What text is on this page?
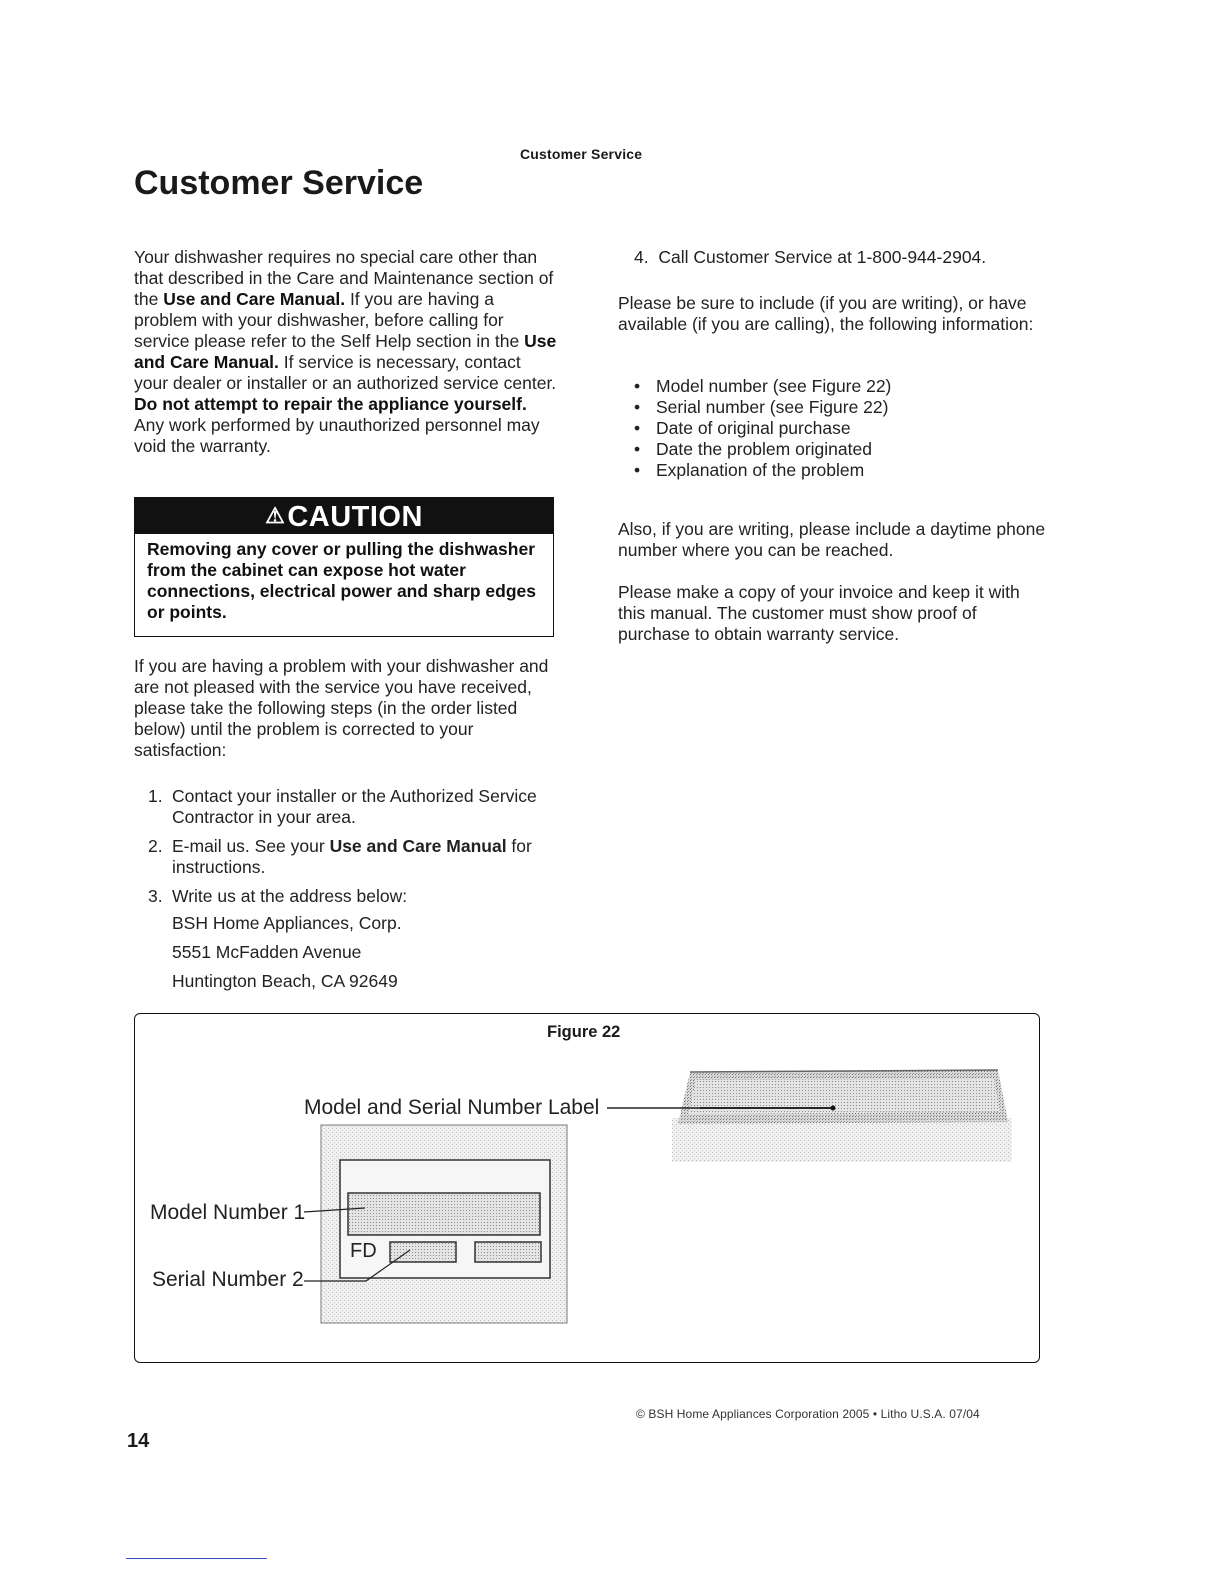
Customer Service
Customer Service
Your dishwasher requires no special care other than that described in the Care and Maintenance section of the Use and Care Manual. If you are having a problem with your dishwasher, before calling for service please refer to the Self Help section in the Use and Care Manual. If service is necessary, contact your dealer or installer or an authorized service center. Do not attempt to repair the appliance yourself. Any work performed by unauthorized personnel may void the warranty.
⚠CAUTION
Removing any cover or pulling the dishwasher from the cabinet can expose hot water connections, electrical power and sharp edges or points.
If you are having a problem with your dishwasher and are not pleased with the service you have received, please take the following steps (in the order listed below) until the problem is corrected to your satisfaction:
1. Contact your installer or the Authorized Service Contractor in your area.
2. E-mail us. See your Use and Care Manual for instructions.
3. Write us at the address below:
BSH Home Appliances, Corp.
5551 McFadden Avenue
Huntington Beach, CA 92649
4. Call Customer Service at 1-800-944-2904.
Please be sure to include (if you are writing), or have available (if you are calling), the following information:
• Model number (see Figure 22)
• Serial number (see Figure 22)
• Date of original purchase
• Date the problem originated
• Explanation of the problem
Also, if you are writing, please include a daytime phone number where you can be reached.
Please make a copy of your invoice and keep it with this manual. The customer must show proof of purchase to obtain warranty service.
Figure 22
Model and Serial Number Label
Model Number 1
Serial Number 2
FD
© BSH Home Appliances Corporation 2005 • Litho U.S.A. 07/04
14
